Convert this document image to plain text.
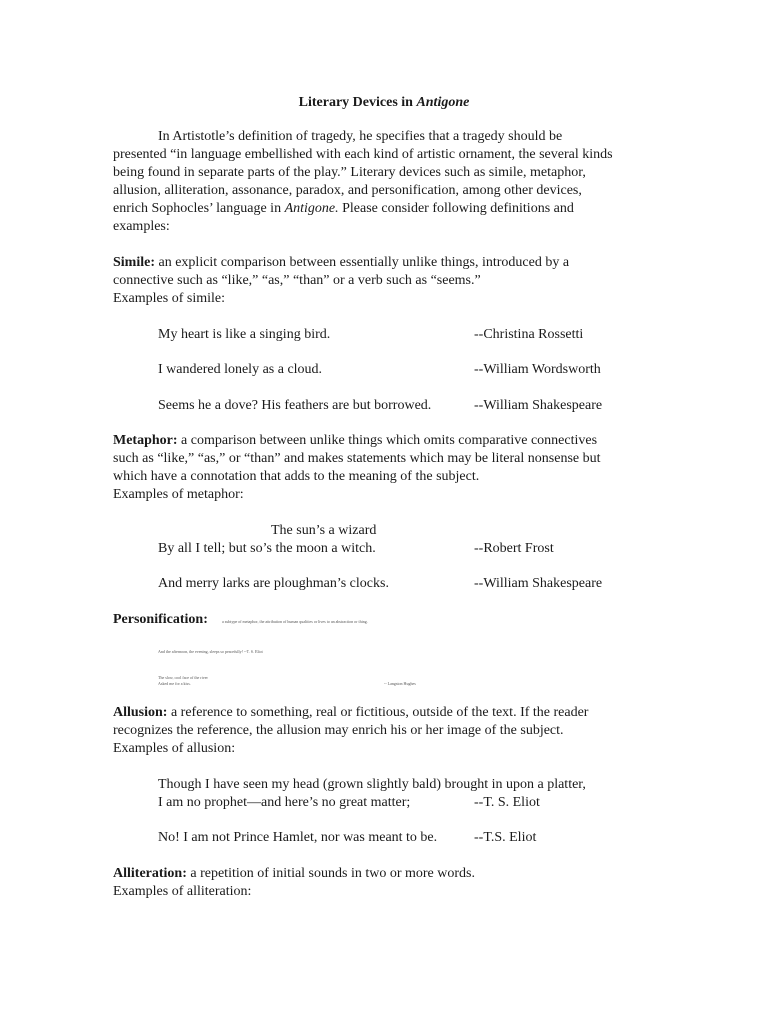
Literary Devices in Antigone
In Artistotle’s definition of tragedy, he specifies that a tragedy should be
presented “in language embellished with each kind of artistic ornament, the several kinds
being found in separate parts of the play.” Literary devices such as simile, metaphor,
allusion, alliteration, assonance, paradox, and personification, among other devices,
enrich Sophocles’ language in Antigone. Please consider following definitions and
examples:
Simile: an explicit comparison between essentially unlike things, introduced by a
connective such as “like,” “as,” “than” or a verb such as “seems.”
Examples of simile:
My heart is like a singing bird.	--Christina Rossetti
I wandered lonely as a cloud.	--William Wordsworth
Seems he a dove? His feathers are but borrowed.	--William Shakespeare
Metaphor: a comparison between unlike things which omits comparative connectives
such as “like,” “as,” or “than” and makes statements which may be literal nonsense but
which have a connotation that adds to the meaning of the subject.
Examples of metaphor:
The sun’s a wizard
By all I tell; but so’s the moon a witch.	--Robert Frost
And merry larks are ploughman’s clocks.	--William Shakespeare
Personification:	a subtype of metaphor, the attribution of human qualities or lives to an abstraction or thing.
And the afternoon, the evening, sleeps so peacefully! --T. S. Eliot
The slow, cool face of the river
Asked me for a kiss.	-- Langston Hughes
Allusion: a reference to something, real or fictitious, outside of the text. If the reader
recognizes the reference, the allusion may enrich his or her image of the subject.
Examples of allusion:
Though I have seen my head (grown slightly bald) brought in upon a platter,
I am no prophet—and here’s no great matter;	--T. S. Eliot
No! I am not Prince Hamlet, nor was meant to be.	--T.S. Eliot
Alliteration: a repetition of initial sounds in two or more words.
Examples of alliteration:
